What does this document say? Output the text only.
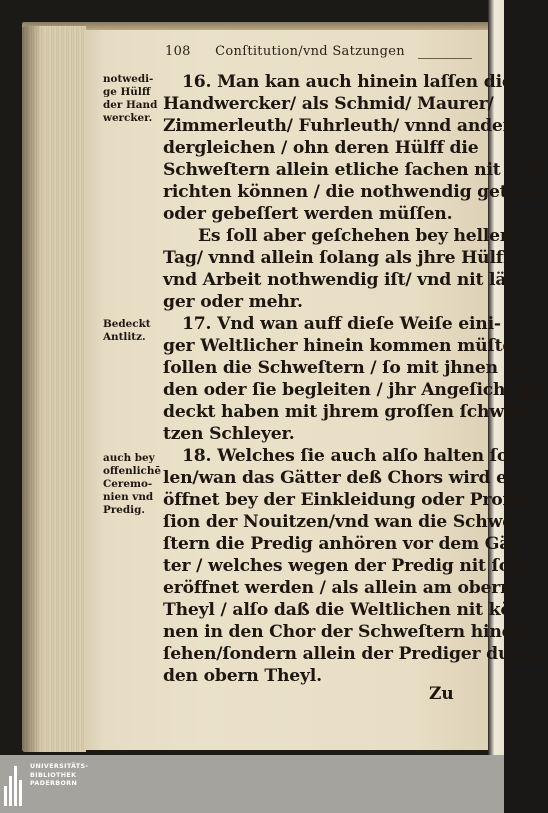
108 Conſtitution/vnd Satzungen
notwedi-
ge Hülff
der Hand
wercker.
Bedeckt
Antlitz.
auch bey
offenlichē
Ceremo-
nien vnd
Predig.
16. Man kan auch hinein laſſen die
Handwercker/ als Schmid/ Maurer/
Zimmerleuth/ Fuhrleuth/ vnnd andere
dergleichen / ohn deren Hülff die
Schweſtern allein etliche ſachen nit ver-
richten können / die nothwendig gethan
oder gebeſſert werden müſſen.
Es ſoll aber geſchehen bey hellem
Tag/ vnnd allein ſolang als jhre Hülff
vnd Arbeit nothwendig iſt/ vnd nit län-
ger oder mehr.
17. Vnd wan auff dieſe Weiſe eini-
ger Weltlicher hinein kommen müſte/
ſollen die Schweſtern / ſo mit jhnen re-
den oder ſie begleiten / jhr Angeſicht be-
deckt haben mit jhrem groſſen ſchwar-
tzen Schleyer.
18. Welches ſie auch alſo halten ſol-
len/wan das Gätter deß Chors wird er-
öffnet bey der Einkleidung oder Profeſ-
ſion der Nouitzen/vnd wan die Schwe-
ſtern die Predig anhören vor dem Gät-
ter / welches wegen der Predig nit ſoll
eröffnet werden / als allein am obern
Theyl / alſo daß die Weltlichen nit kön-
nen in den Chor der Schweſtern hinein
ſehen/ſondern allein der Prediger durch
den obern Theyl.
Zu
UNIVERSITÄTS-
BIBLIOTHEK
PADERBORN
